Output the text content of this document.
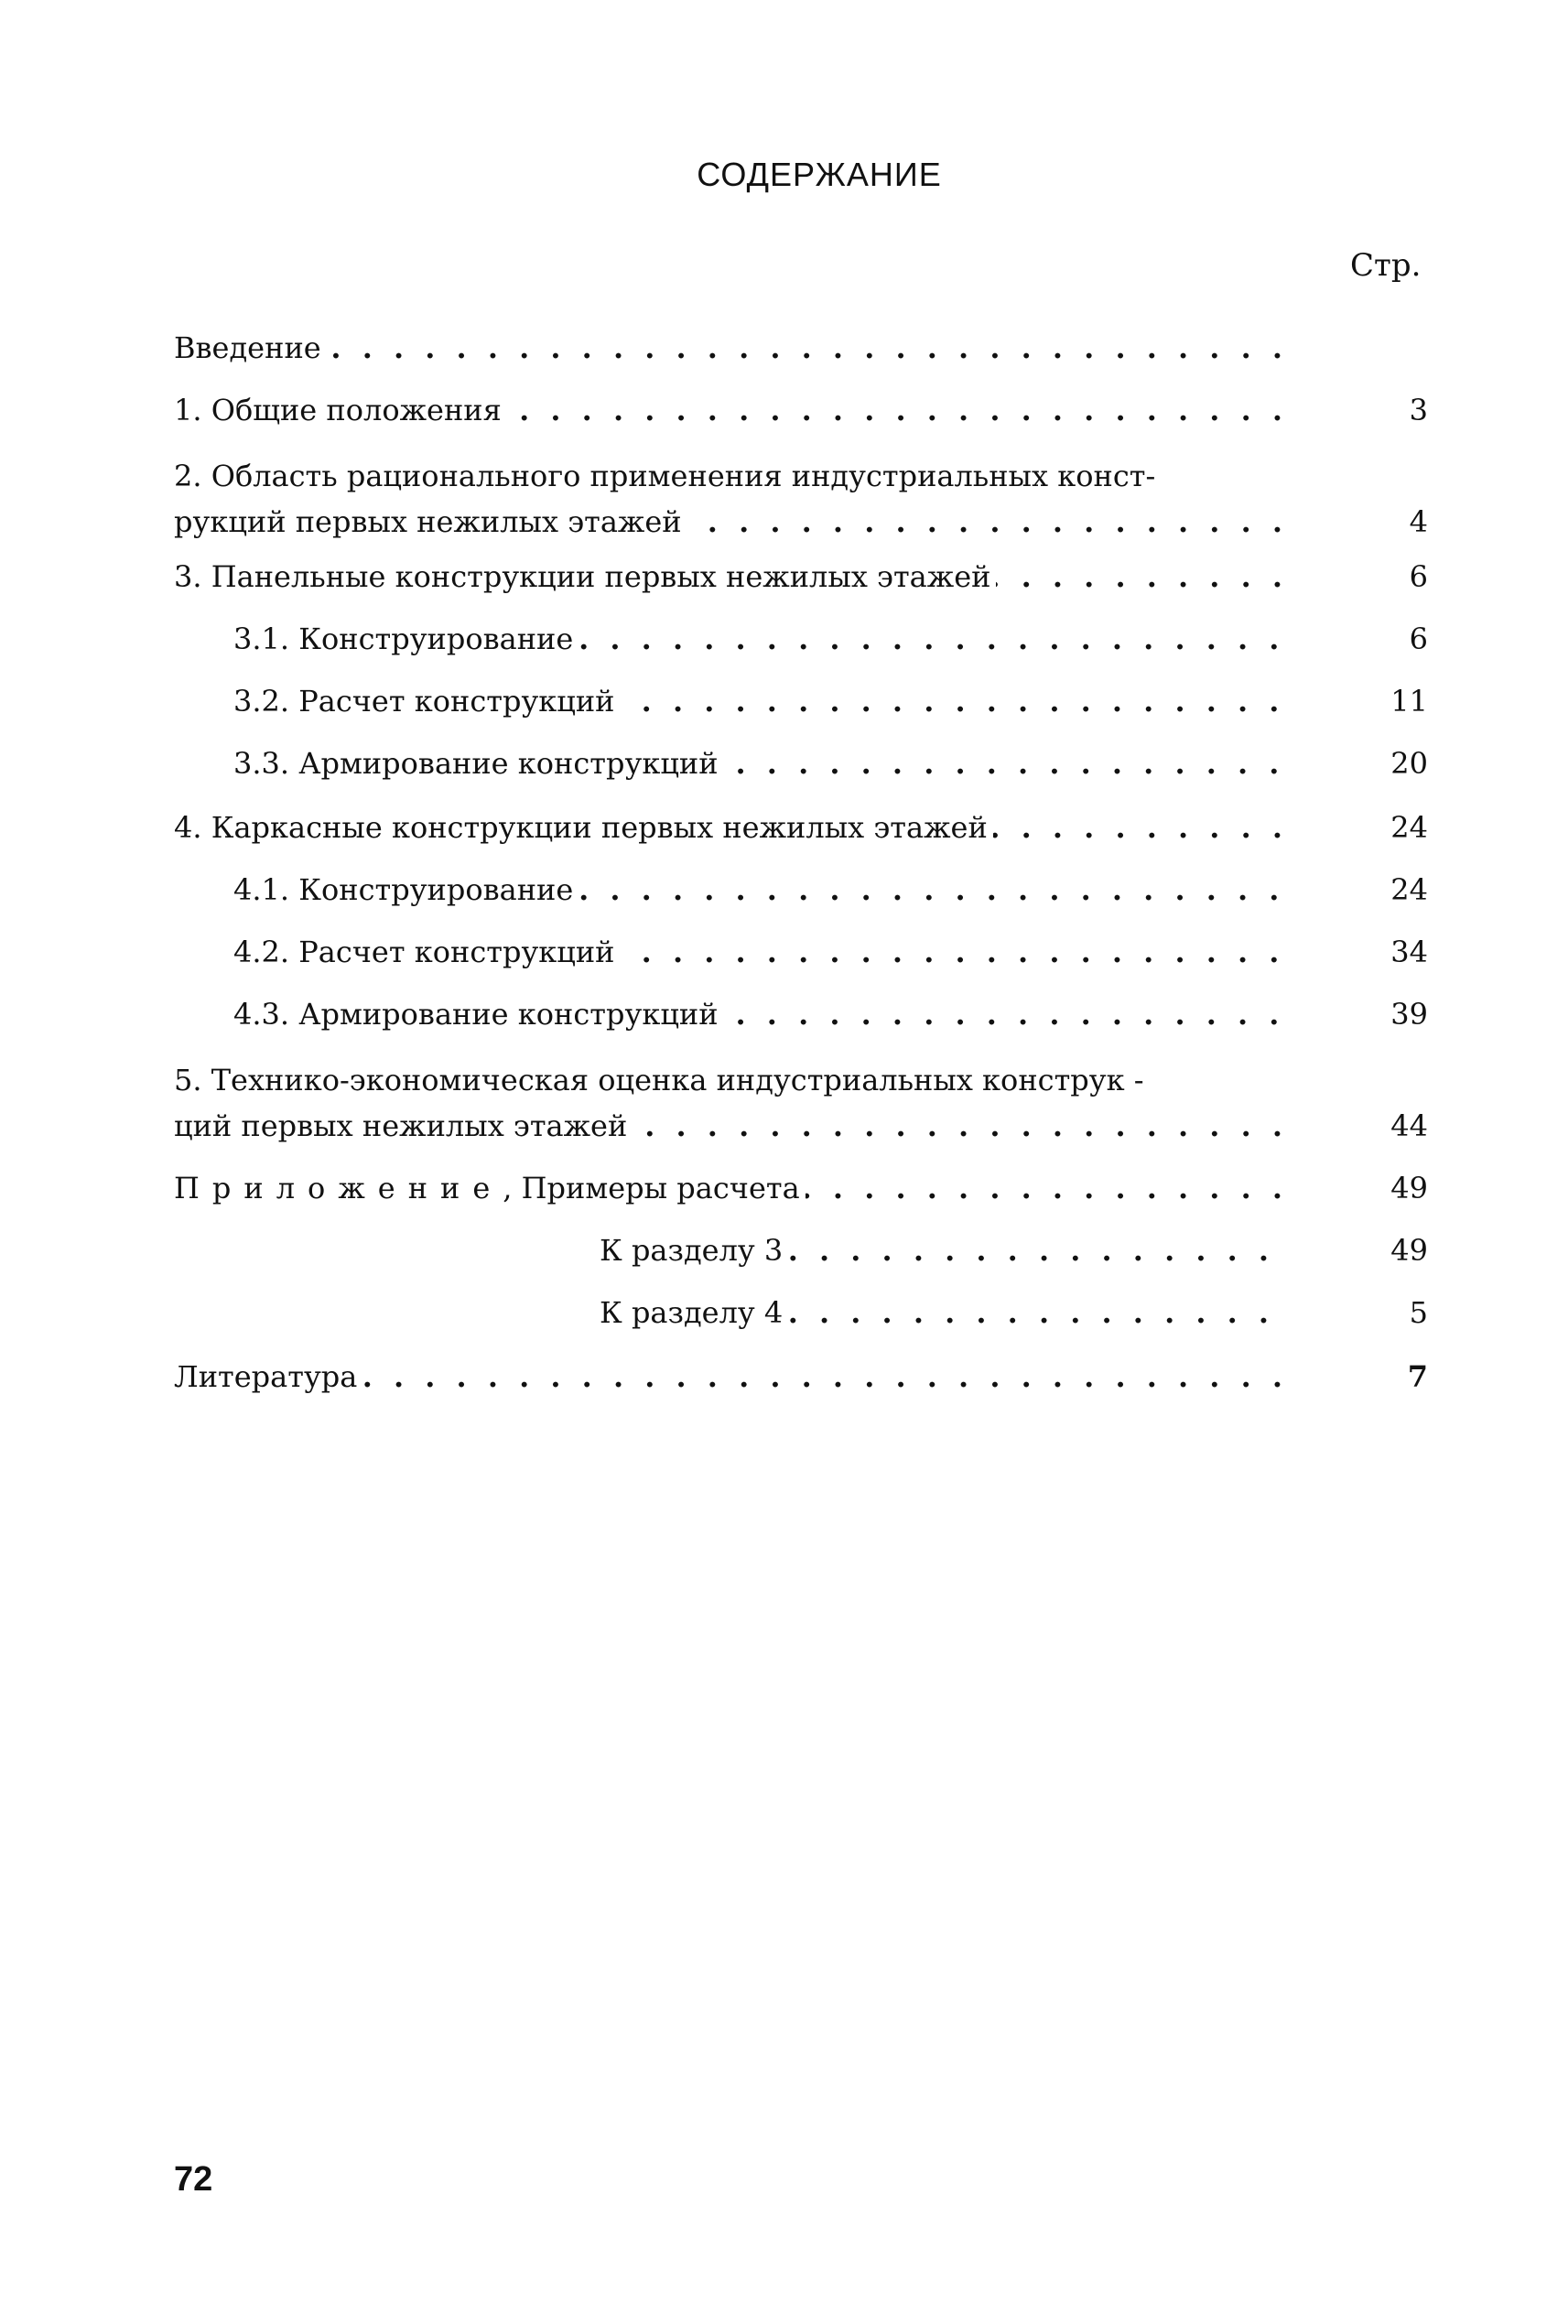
СОДЕРЖАНИЕ
Стр.
Введение . . .
1. Общие положения . . .	3
2. Область рационального применения индустриальных конст-
рукций первых нежилых этажей . . .	4
3. Панельные конструкции первых нежилых этажей . . .	6
3.1. Конструирование . . .	6
3.2. Расчет конструкций . . .	11
3.3. Армирование конструкций . . .	20
4. Каркасные конструкции первых нежилых этажей . . .	24
4.1. Конструирование . . .	24
4.2. Расчет конструкций . . .	34
4.3. Армирование конструкций . . .	39
5. Технико-экономическая оценка индустриальных конструк -
ций первых нежилых этажей . . .	44
Приложение, Примеры расчета . . .	49
К разделу 3 . . .	49
К разделу 4 . . .	5
Литература . . .	7
72
